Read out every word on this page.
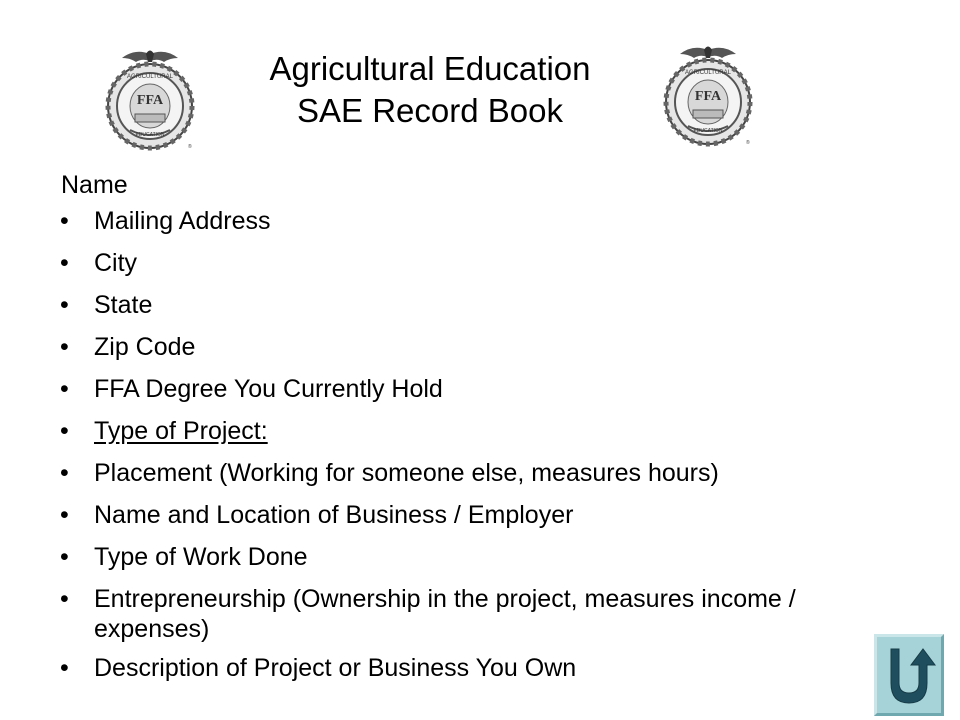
FFA
AGRICULTURAL
EDUCATION
®
FFA
AGRICULTURAL
EDUCATION
®
Agricultural Education
SAE Record Book
Name
• Mailing Address
• City
• State
• Zip Code
• FFA Degree You Currently Hold
• Type of Project:
• Placement (Working for someone else, measures hours)
• Name and Location of Business / Employer
• Type of Work Done
• Entrepreneurship (Ownership in the project, measures income / expenses)
• Description of Project or Business You Own
